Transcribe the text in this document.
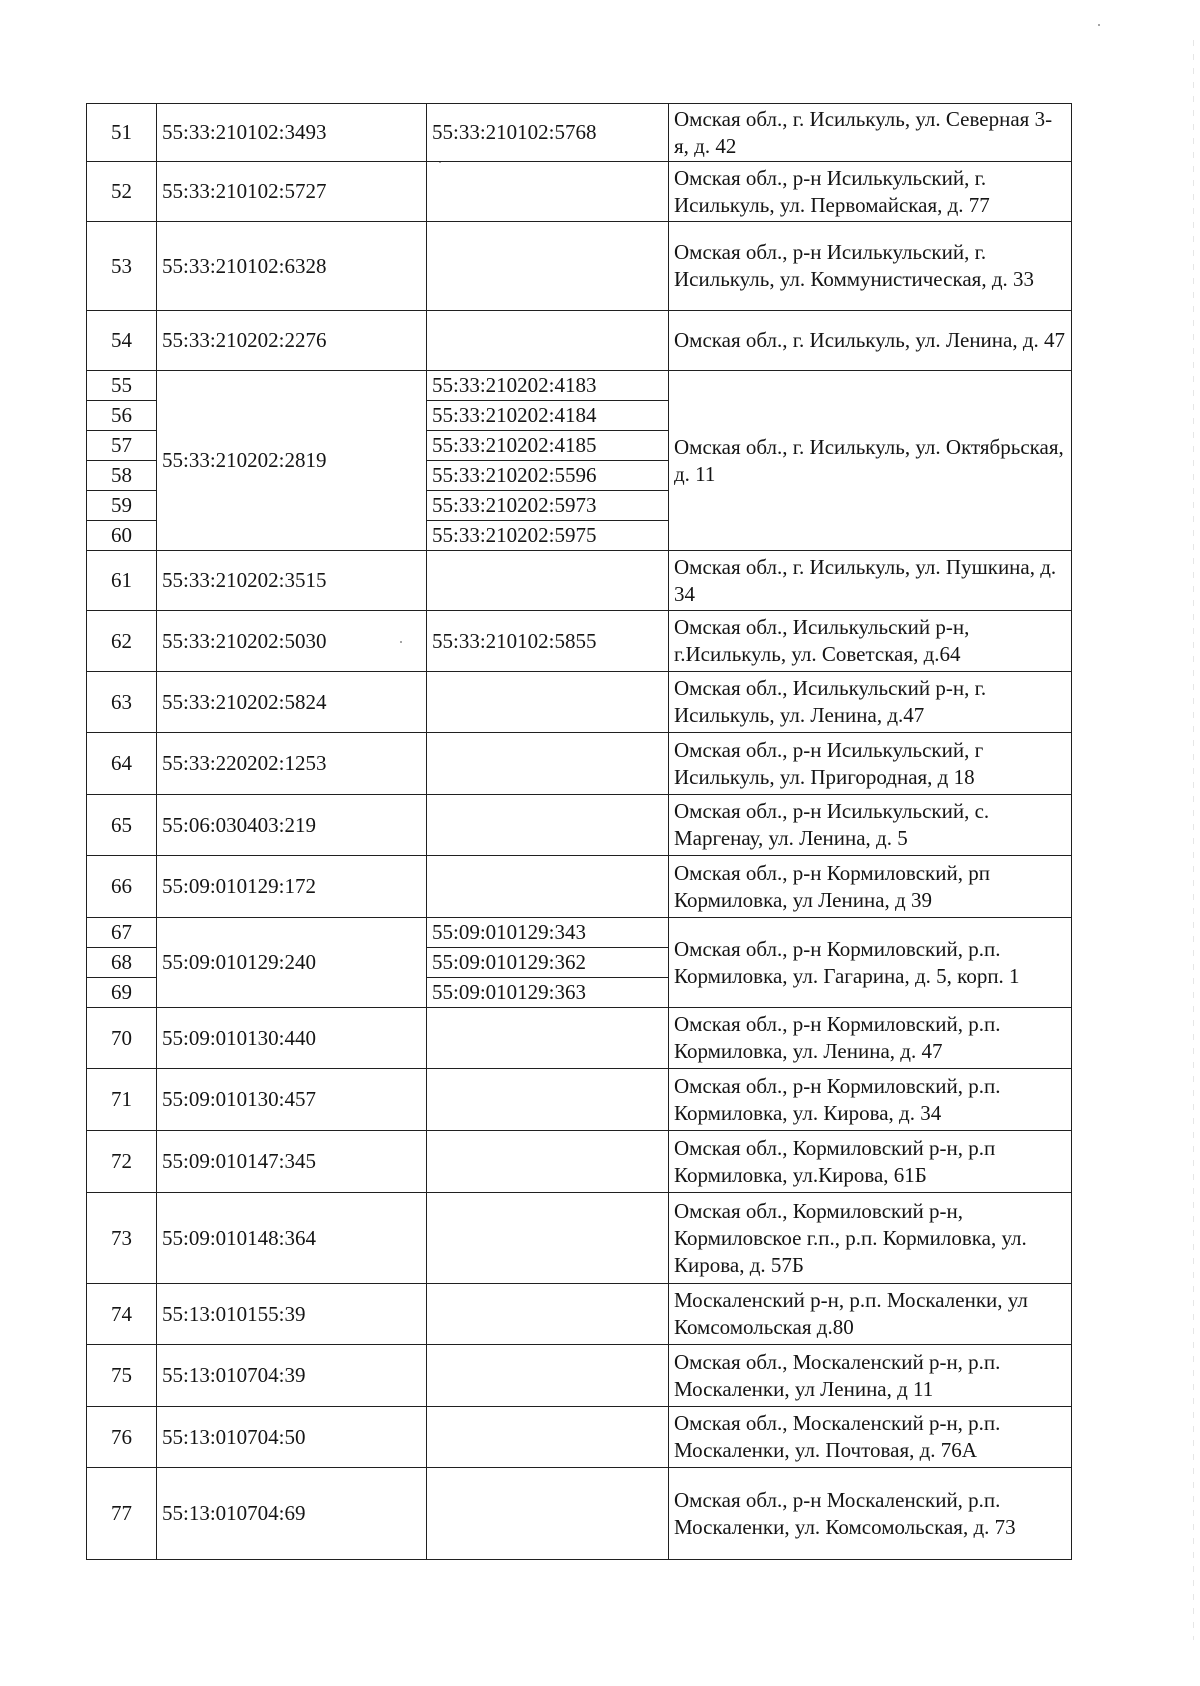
51	55:33:210102:3493	55:33:210102:5768	Омская обл., г. Исилькуль, ул. Северная 3-я, д. 42
52	55:33:210102:5727		Омская обл., р-н Исилькульский, г. Исилькуль, ул. Первомайская, д. 77
53	55:33:210102:6328		Омская обл., р-н Исилькульский, г. Исилькуль, ул. Коммунистическая, д. 33
54	55:33:210202:2276		Омская обл., г. Исилькуль, ул. Ленина, д. 47
55	55:33:210202:2819	55:33:210202:4183	Омская обл., г. Исилькуль, ул. Октябрьская, д. 11
56		55:33:210202:4184	
57		55:33:210202:4185	
58		55:33:210202:5596	
59		55:33:210202:5973	
60		55:33:210202:5975	
61	55:33:210202:3515		Омская обл., г. Исилькуль, ул. Пушкина, д. 34
62	55:33:210202:5030	55:33:210102:5855	Омская обл., Исилькульский р-н, г.Исилькуль, ул. Советская, д.64
63	55:33:210202:5824		Омская обл., Исилькульский р-н, г. Исилькуль, ул. Ленина, д.47
64	55:33:220202:1253		Омская обл., р-н Исилькульский, г Исилькуль, ул. Пригородная, д 18
65	55:06:030403:219		Омская обл., р-н Исилькульский, с. Маргенау, ул. Ленина, д. 5
66	55:09:010129:172		Омская обл., р-н Кормиловский, рп Кормиловка, ул Ленина, д 39
67	55:09:010129:240	55:09:010129:343	Омская обл., р-н Кормиловский, р.п. Кормиловка, ул. Гагарина, д. 5, корп. 1
68		55:09:010129:362	
69		55:09:010129:363	
70	55:09:010130:440		Омская обл., р-н Кормиловский, р.п. Кормиловка, ул. Ленина, д. 47
71	55:09:010130:457		Омская обл., р-н Кормиловский, р.п. Кормиловка, ул. Кирова, д. 34
72	55:09:010147:345		Омская обл., Кормиловский р-н, р.п Кормиловка, ул.Кирова, 61Б
73	55:09:010148:364		Омская обл., Кормиловский р-н, Кормиловское г.п., р.п. Кормиловка, ул. Кирова, д. 57Б
74	55:13:010155:39		Москаленский р-н, р.п. Москаленки, ул Комсомольская д.80
75	55:13:010704:39		Омская обл., Москаленский р-н, р.п. Москаленки, ул Ленина, д 11
76	55:13:010704:50		Омская обл., Москаленский р-н, р.п. Москаленки, ул. Почтовая, д. 76А
77	55:13:010704:69		Омская обл., р-н Москаленский, р.п. Москаленки, ул. Комсомольская, д. 73
